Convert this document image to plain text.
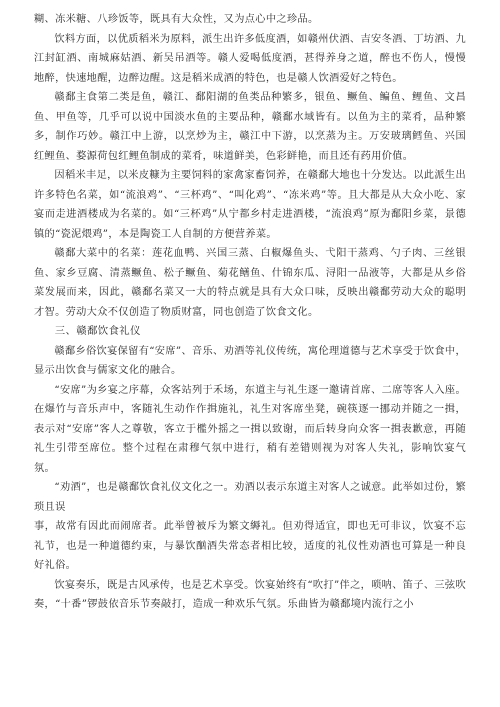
糊、冻米糖、八珍饭等，既具有大众性，又为点心中之珍品。

饮料方面，以优质稻米为原料，派生出许多低度酒，如赣州伏酒、吉安冬酒、丁坊酒、九江封缸酒、南城麻姑酒、新吴吊酒等。赣人爱喝低度酒，甚得养身之道，醉也不伤人，慢慢地醉，快速地醒，边醉边醒。这是稻米成酒的特色，也是赣人饮酒爱好之特色。

赣鄱主食第二类是鱼，赣江、鄱阳湖的鱼类品种繁多，银鱼、鳜鱼、鳊鱼、鲤鱼、文昌鱼、甲鱼等，几乎可以说中国淡水鱼的主要品种，赣鄱水域皆有。以鱼为主的菜肴，品种繁多，制作巧妙。赣江中上游，以烹炒为主，赣江中下游，以烹蒸为主。万安玻璃鳕鱼、兴国红鲤鱼、婺源荷包红鲤鱼制成的菜肴，味道鲜美，色彩鲜艳，而且还有药用价值。

因稻米丰足，以米皮糠为主要饲料的家禽家畜饲养，在赣鄱大地也十分发达。以此派生出许多特色名菜，如“流浪鸡”、“三杯鸡”、“叫化鸡”、“冻米鸡”等。且大都是从大众小吃、家宴而走进酒楼成为名菜的。如“三杯鸡”从宁都乡村走进酒楼，“流浪鸡”原为鄱阳乡菜，景德镇的“瓷泥煨鸡”，本是陶瓷工人自制的方便营养菜。

赣鄱大菜中的名菜：莲花血鸭、兴国三蒸、白椒爆鱼头、弋阳干蒸鸡、勺子肉、三丝银鱼、家乡豆腐、清蒸鳜鱼、松子鳜鱼、菊花鳝鱼、什锦东瓜、浔阳一品液等，大都是从乡俗菜发展而来，因此，赣鄱名菜又一大的特点就是具有大众口味，反映出赣鄱劳动大众的聪明才智。劳动大众不仅创造了物质财富，同也创造了饮食文化。

三、赣鄱饮食礼仪

赣鄱乡俗饮宴保留有“安席”、音乐、劝酒等礼仪传统，寓伦理道德与艺术享受于饮食中，显示出饮食与儒家文化的融合。

“安席”为乡宴之序幕，众客站列于禾场，东道主与礼生逐一邀请首席、二席等客人入座。在爆竹与音乐声中，客随礼生动作作揖施礼，礼生对客席坐凳，碗筷逐一挪动并随之一揖，表示对“安席”客人之尊敬，客立于檻外摇之一揖以致谢，而后转身向众客一揖表歉意，再随礼生引带至席位。整个过程在肃穆气氛中进行，稍有差错则视为对客人失礼，影响饮宴气氛。

“劝酒”，也是赣鄱饮食礼仪文化之一。劝酒以表示东道主对客人之诚意。此举如过份，繁琐且误

事，故常有因此而闹席者。此举曾被斥为繁文縟礼。但劝得适宜，即也无可非议，饮宴不忘礼节，也是一种道德约束，与暴饮酗酒失常态者相比较，适度的礼仪性劝酒也可算是一种良好礼俗。

饮宴奏乐，既是古风承传，也是艺术享受。饮宴始终有“吹打”伴之，唢呐、笛子、三弦吹奏，“十番”锣鼓依音乐节奏敲打，造成一种欢乐气氛。乐曲皆为赣鄱境内流行之小
